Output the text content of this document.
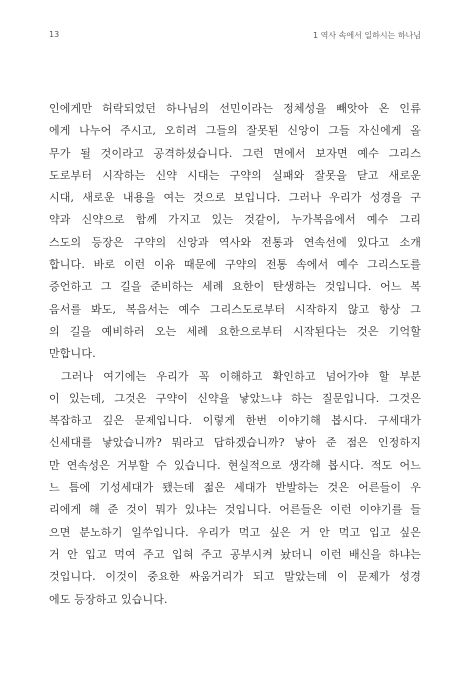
13	1 역사 속에서 일하시는 하나님
인에게만 허락되었던 하나님의 선민이라는 정체성을 빼앗아 온 인류
에게 나누어 주시고, 오히려 그들의 잘못된 신앙이 그들 자신에게 올
무가 될 것이라고 공격하셨습니다. 그런 면에서 보자면 예수 그리스
도로부터 시작하는 신약 시대는 구약의 실패와 잘못을 닫고 새로운
시대, 새로운 내용을 여는 것으로 보입니다. 그러나 우리가 성경을 구
약과 신약으로 함께 가지고 있는 것같이, 누가복음에서 예수 그리
스도의 등장은 구약의 신앙과 역사와 전통과 연속선에 있다고 소개
합니다. 바로 이런 이유 때문에 구약의 전통 속에서 예수 그리스도를
증언하고 그 길을 준비하는 세례 요한이 탄생하는 것입니다. 어느 복
음서를 봐도, 복음서는 예수 그리스도로부터 시작하지 않고 항상 그
의 길을 예비하러 오는 세례 요한으로부터 시작된다는 것은 기억할
만합니다.
그러나 여기에는 우리가 꼭 이해하고 확인하고 넘어가야 할 부분
이 있는데, 그것은 구약이 신약을 낳았느냐 하는 질문입니다. 그것은
복잡하고 깊은 문제입니다. 이렇게 한번 이야기해 봅시다. 구세대가
신세대를 낳았습니까? 뭐라고 답하겠습니까? 낳아 준 점은 인정하지
만 연속성은 거부할 수 있습니다. 현실적으로 생각해 봅시다. 적도 어느
느 틈에 기성세대가 됐는데 젊은 세대가 반발하는 것은 어른들이 우
리에게 해 준 것이 뭐가 있냐는 것입니다. 어른들은 이런 이야기를 들
으면 분노하기 일쑤입니다. 우리가 먹고 싶은 거 안 먹고 입고 싶은
거 안 입고 먹여 주고 입혀 주고 공부시켜 놨더니 이런 배신을 하냐는
것입니다. 이것이 중요한 싸움거리가 되고 말았는데 이 문제가 성경
에도 등장하고 있습니다.
